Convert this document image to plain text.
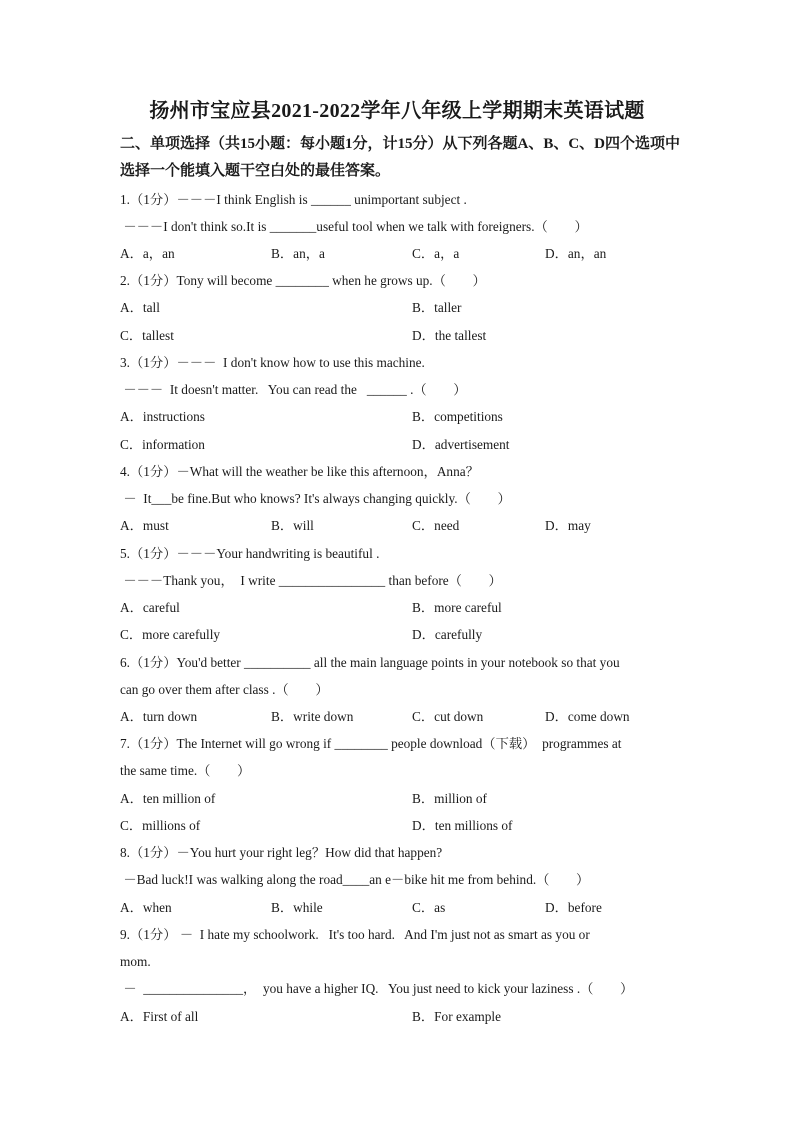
扬州市宝应县2021-2022学年八年级上学期期末英语试题
二、单项选择（共15小题：每小题1分，计15分）从下列各题A、B、C、D四个选项中
选择一个能填入题干空白处的最佳答案。
1.（1分）－－－I think English is ______ unimportant subject .
－－－I don't think so.It is _______useful tool when we talk with foreigners.（　　）
A．a，an	B．an，a	C．a，a	D．an，an
2.（1分）Tony will become ________ when he grows up.（　　）
A．tall	B．taller
C．tallest	D．the tallest
3.（1分）－－－  I don't know how to use this machine.
－－－  It doesn't matter.   You can read the   ______ .（　　）
A．instructions	B．competitions
C．information	D．advertisement
4.（1分）－What will the weather be like this afternoon，Anna？
－  It___be fine.But who knows? It's always changing quickly.（　　）
A．must	B．will	C．need	D．may
5.（1分）－－－Your handwriting is beautiful .
－－－Thank you，  I write ________________ than before（　　）
A．careful	B．more careful
C．more carefully	D．carefully
6.（1分）You'd better __________ all the main language points in your notebook so that you
can go over them after class .（　　）
A．turn down	B．write down	C．cut down	D．come down
7.（1分）The Internet will go wrong if ________ people download（下载）  programmes at
the same time.（　　）
A．ten million of	B．million of
C．millions of	D．ten millions of
8.（1分）－You hurt your right leg？How did that happen?
－Bad luck!I was walking along the road____an e－bike hit me from behind.（　　）
A．when	B．while	C．as	D．before
9.（1分） －  I hate my schoolwork.   It's too hard.   And I'm just not as smart as you or
mom.
－  _______________，  you have a higher IQ.   You just need to kick your laziness .（　　）
A．First of all	B．For example
